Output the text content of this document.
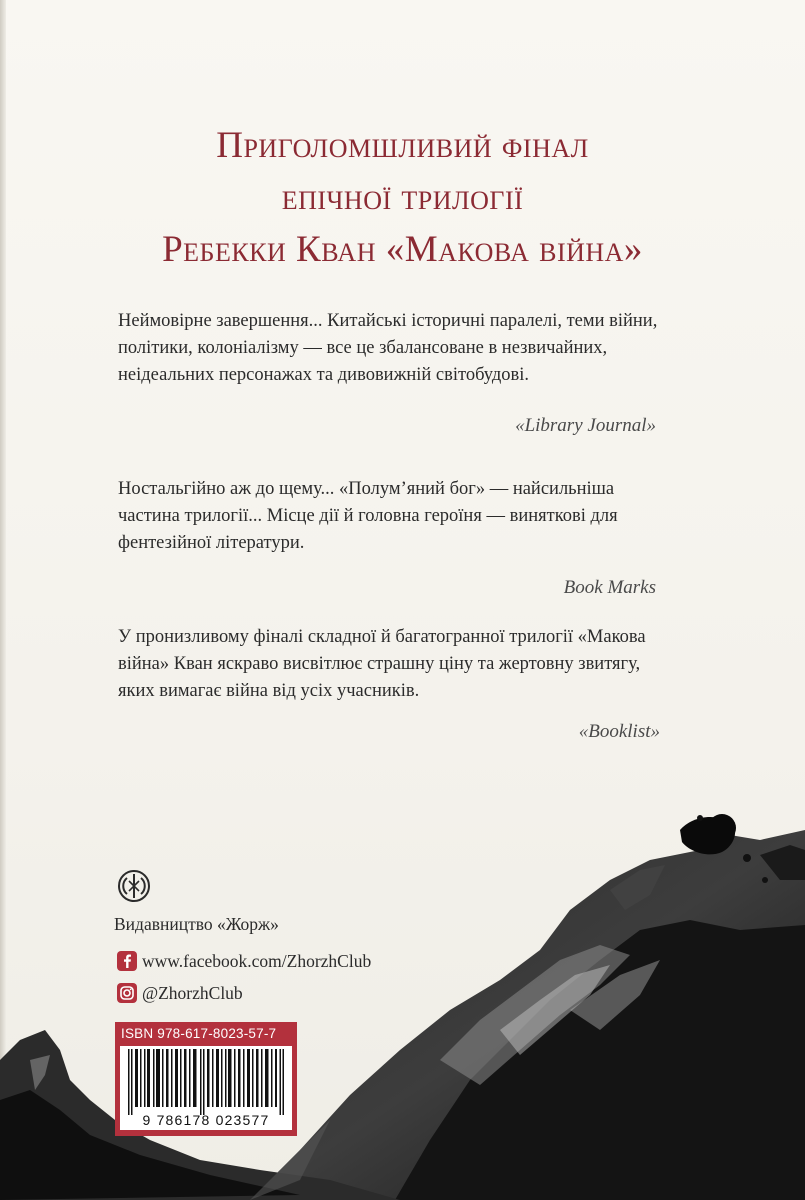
Приголомшливий фінал
епічної трилогії
Ребекки Кван «Макова війна»
Неймовірне завершення... Китайські історичні паралелі, теми війни, політики, колоніалізму — все це збалансоване в незвичайних, неідеальних персонажах та дивовижній світобудові.
«Library Journal»
Ностальгійно аж до щему... «Полум’яний бог» — найсильніша частина трилогії... Місце дії й головна героїня — виняткові для фентезійної літератури.
Book Marks
У пронизливому фіналі складної й багатогранної трилогії «Макова війна» Кван яскраво висвітлює страшну ціну та жертовну звитягу, яких вимагає війна від усіх учасників.
«Booklist»
Видавництво «Жорж»
www.facebook.com/ZhorzhClub
@ZhorzhClub
ISBN 978-617-8023-57-7
9 786178 023577
